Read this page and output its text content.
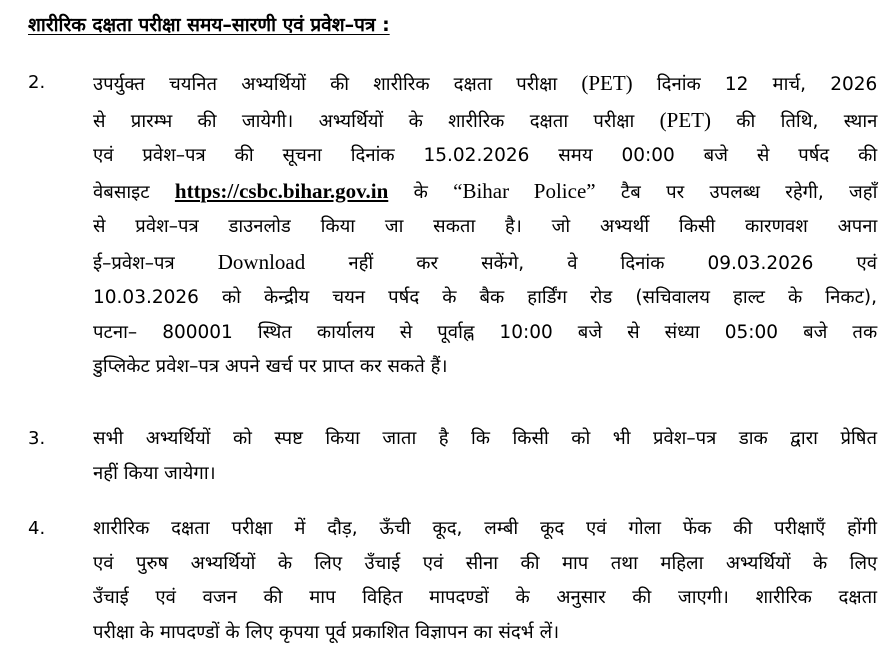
शारीरिक दक्षता परीक्षा समय–सारणी एवं प्रवेश–पत्र :
2.	उपर्युक्त चयनित अभ्यर्थियों की शारीरिक दक्षता परीक्षा (PET) दिनांक 12 मार्च, 2026
से प्रारम्भ की जायेगी। अभ्यर्थियों के शारीरिक दक्षता परीक्षा (PET) की तिथि, स्थान
एवं प्रवेश–पत्र की सूचना दिनांक 15.02.2026 समय 00:00 बजे से पर्षद की
वेबसाइट https://csbc.bihar.gov.in के “Bihar Police” टैब पर उपलब्ध रहेगी, जहाँ
से प्रवेश–पत्र डाउनलोड किया जा सकता है। जो अभ्यर्थी किसी कारणवश अपना
ई–प्रवेश–पत्र Download नहीं कर सकेंगे, वे दिनांक 09.03.2026 एवं
10.03.2026 को केन्द्रीय चयन पर्षद के बैक हार्डिंग रोड (सचिवालय हाल्ट के निकट),
पटना– 800001 स्थित कार्यालय से पूर्वाह्न 10:00 बजे से संध्या 05:00 बजे तक
डुप्लिकेट प्रवेश–पत्र अपने खर्च पर प्राप्त कर सकते हैं।
3.	सभी अभ्यर्थियों को स्पष्ट किया जाता है कि किसी को भी प्रवेश–पत्र डाक द्वारा प्रेषित
नहीं किया जायेगा।
4.	शारीरिक दक्षता परीक्षा में दौड़, ऊँची कूद, लम्बी कूद एवं गोला फेंक की परीक्षाएँ होंगी
एवं पुरुष अभ्यर्थियों के लिए उँचाई एवं सीना की माप तथा महिला अभ्यर्थियों के लिए
उँचाई एवं वजन की माप विहित मापदण्डों के अनुसार की जाएगी। शारीरिक दक्षता
परीक्षा के मापदण्डों के लिए कृपया पूर्व प्रकाशित विज्ञापन का संदर्भ लें।
